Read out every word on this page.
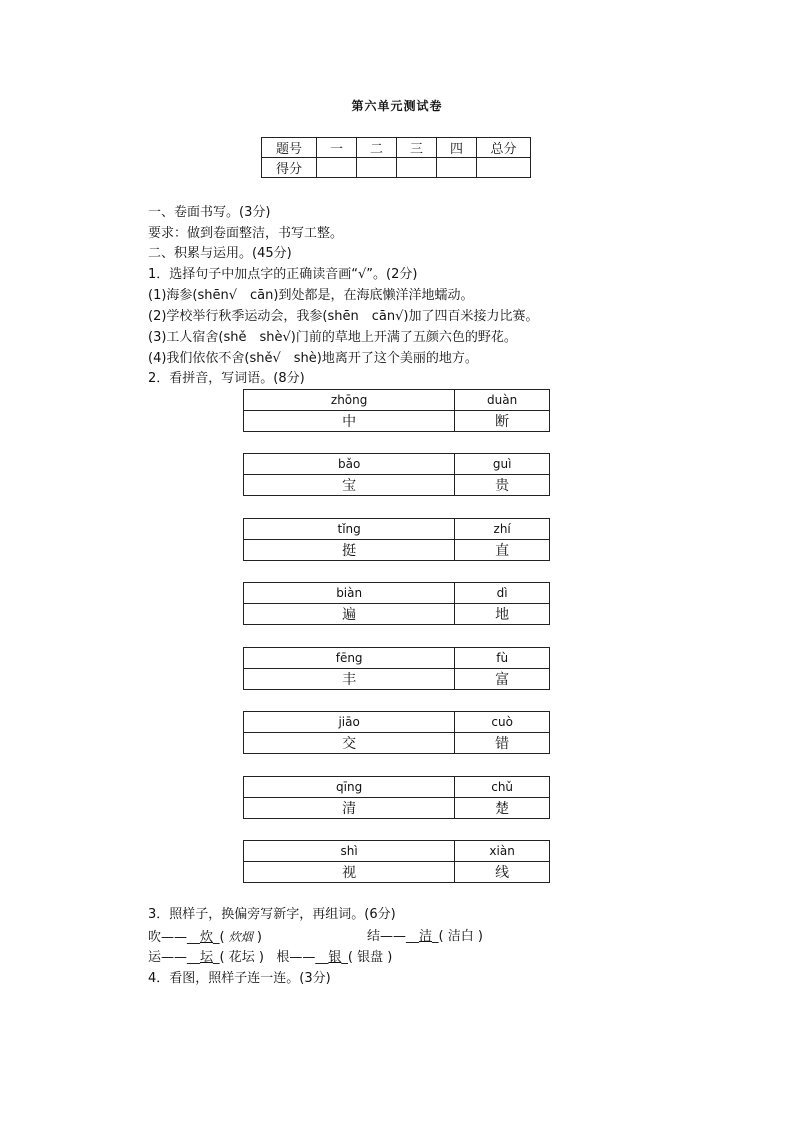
第六单元测试卷
题号	一	二	三	四	总分
得分					
一、卷面书写。(3分)
要求：做到卷面整洁，书写工整。
二、积累与运用。(45分)
1．选择句子中加点字的正确读音画“√”。(2分)
(1)海参(shēn√　cān)到处都是，在海底懒洋洋地蠕动。
(2)学校举行秋季运动会，我参(shēn　cān√)加了四百米接力比赛。
(3)工人宿舍(shě　shè√)门前的草地上开满了五颜六色的野花。
(4)我们依依不舍(shě√　shè)地离开了这个美丽的地方。
2．看拼音，写词语。(8分)
zhōng	duàn
中	断
bǎo	guì
宝	贵
tǐng	zhí
挺	直
biàn	dì
遍	地
fēng	fù
丰	富
jiāo	cuò
交	错
qīng	chǔ
清	楚
shì	xiàn
视	线
3．照样子，换偏旁写新字，再组词。(6分)
吹——__炊_( 炊烟 )	结——__洁_( 洁白 )
运——__坛_( 花坛 )   根——__银_( 银盘 )
4．看图，照样子连一连。(3分)
